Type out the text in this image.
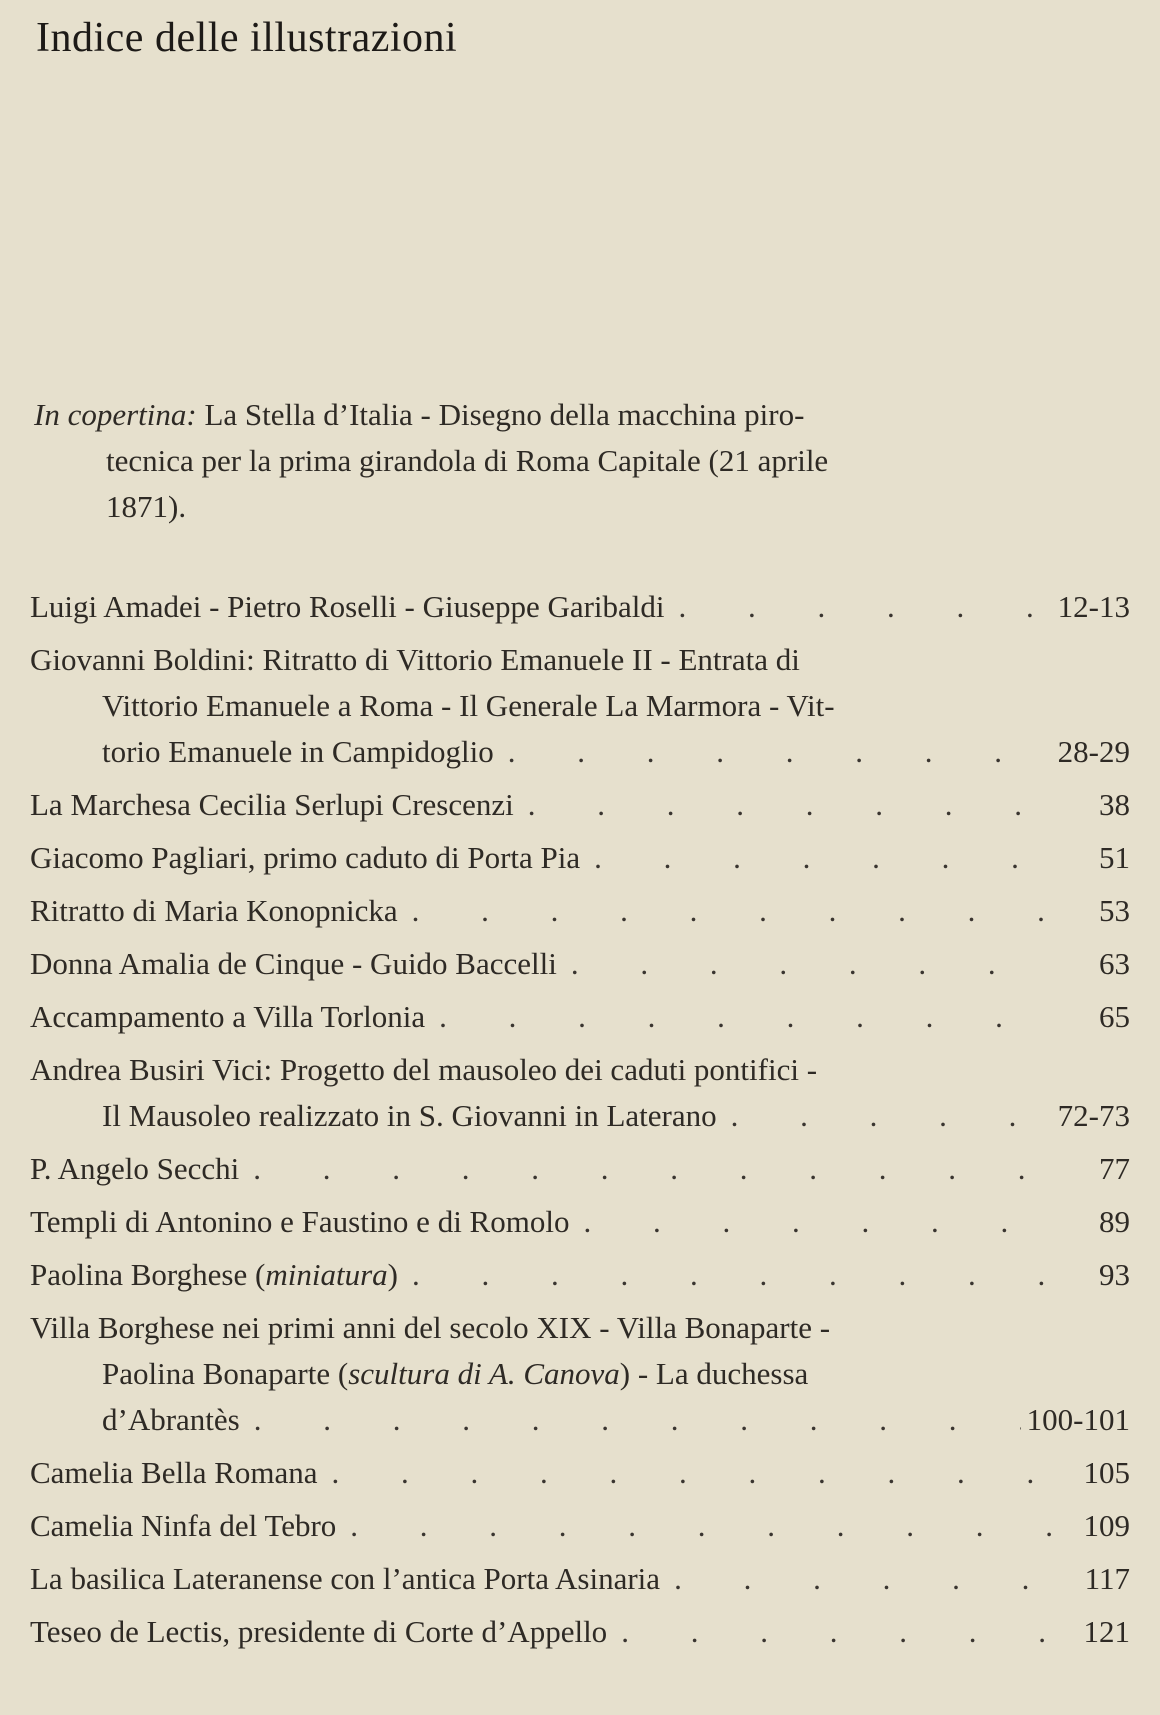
Indice delle illustrazioni
In copertina: La Stella d’Italia - Disegno della macchina piro-
tecnica per la prima girandola di Roma Capitale (21 aprile
1871).
Luigi Amadei - Pietro Roselli - Giuseppe Garibaldi . . .	12-13
Giovanni Boldini: Ritratto di Vittorio Emanuele II - Entrata di
Vittorio Emanuele a Roma - Il Generale La Marmora - Vit-
torio Emanuele in Campidoglio . . .	28-29
La Marchesa Cecilia Serlupi Crescenzi . . .	38
Giacomo Pagliari, primo caduto di Porta Pia . . .	51
Ritratto di Maria Konopnicka . . .	53
Donna Amalia de Cinque - Guido Baccelli . . .	63
Accampamento a Villa Torlonia . . .	65
Andrea Busiri Vici: Progetto del mausoleo dei caduti pontifici -
Il Mausoleo realizzato in S. Giovanni in Laterano . . .	72-73
P. Angelo Secchi . . .	77
Templi di Antonino e Faustino e di Romolo . . .	89
Paolina Borghese (miniatura) . . .	93
Villa Borghese nei primi anni del secolo XIX - Villa Bonaparte -
Paolina Bonaparte (scultura di A. Canova) - La duchessa
d’Abrantès . . .	100-101
Camelia Bella Romana . . .	105
Camelia Ninfa del Tebro . . .	109
La basilica Lateranense con l’antica Porta Asinaria . . .	117
Teseo de Lectis, presidente di Corte d’Appello . . .	121
